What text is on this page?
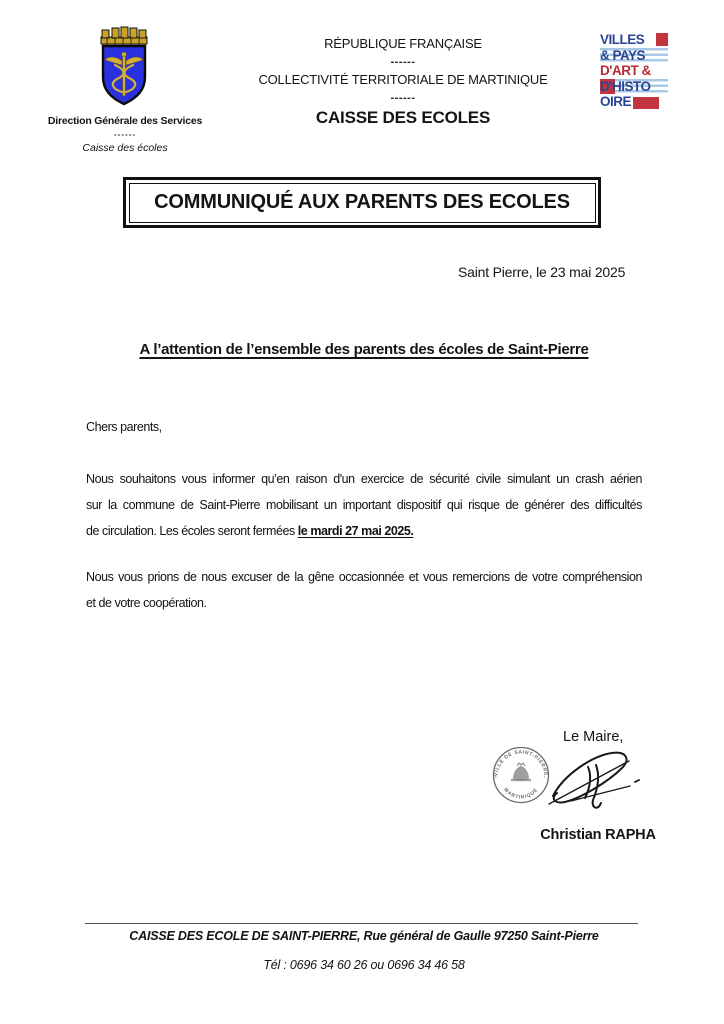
Direction Générale des Services
------
Caisse des écoles
RÉPUBLIQUE FRANÇAISE
------
COLLECTIVITÉ TERRITORIALE DE MARTINIQUE
------
CAISSE DES ECOLES
VILLES
& PAYS
D'ART &
D'HISTO
OIRE
COMMUNIQUÉ AUX PARENTS DES ECOLES
Saint Pierre, le 23 mai 2025
A l’attention de l’ensemble des parents des écoles de Saint-Pierre
Chers parents,
Nous souhaitons vous informer qu’en raison d'un exercice de sécurité civile simulant un crash aérien
sur la commune de Saint-Pierre mobilisant un important dispositif qui risque de générer des difficultés
de circulation. Les écoles seront fermées le mardi 27 mai 2025.
Nous vous prions de nous excuser de la gêne occasionnée et vous remercions de votre compréhension
et de votre coopération.
Le Maire,
VILLE DE SAINT-PIERRE
MARTINIQUE
*	*
Christian RAPHA
CAISSE DES ECOLE DE SAINT-PIERRE, Rue général de Gaulle 97250 Saint-Pierre
Tél : 0696 34 60 26 ou 0696 34 46 58
